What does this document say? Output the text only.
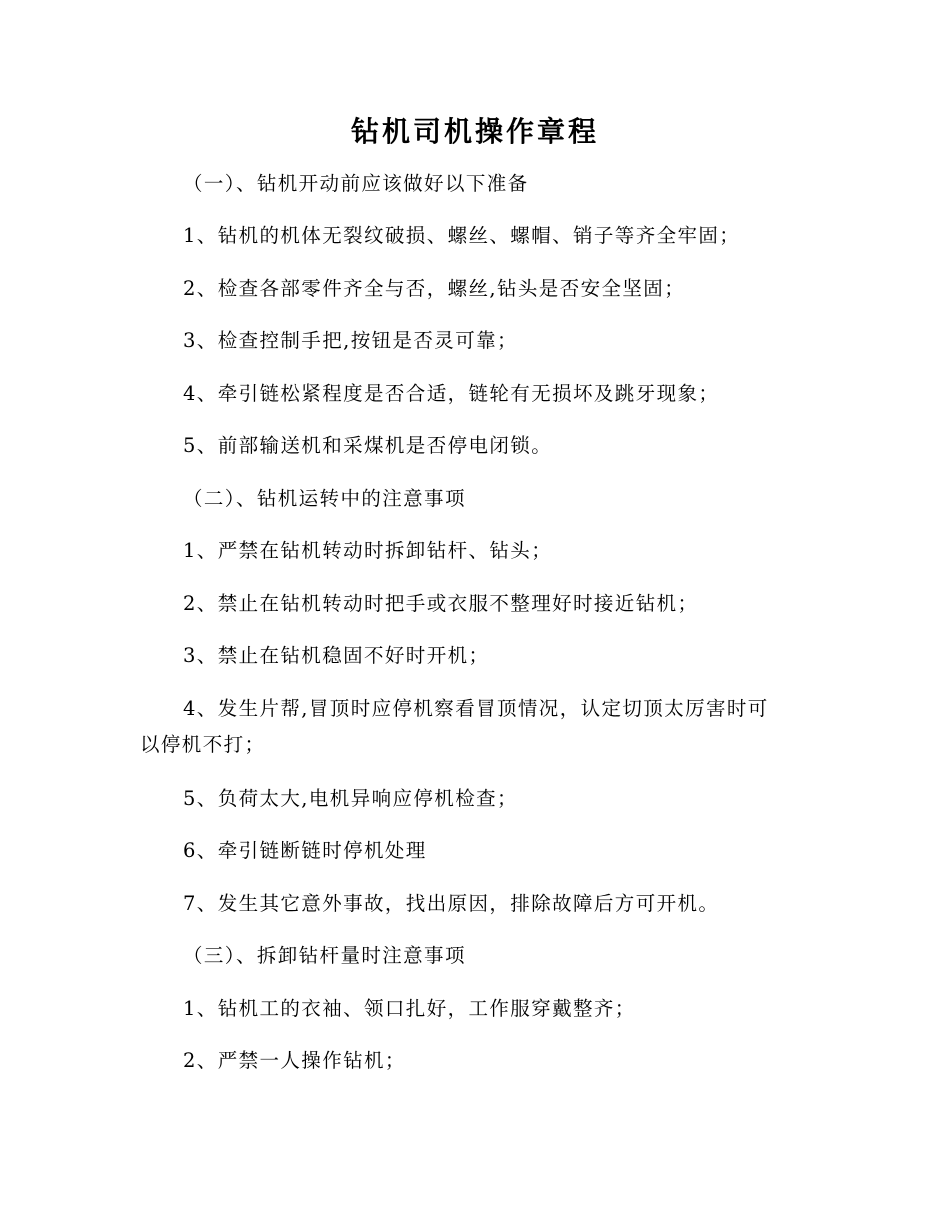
钻机司机操作章程
（一）、钻机开动前应该做好以下准备
1、钻机的机体无裂纹破损、螺丝、螺帽、销子等齐全牢固；
2、检查各部零件齐全与否，螺丝,钻头是否安全坚固；
3、检查控制手把,按钮是否灵可靠；
4、牵引链松紧程度是否合适，链轮有无损坏及跳牙现象；
5、前部输送机和采煤机是否停电闭锁。
（二）、钻机运转中的注意事项
1、严禁在钻机转动时拆卸钻杆、钻头；
2、禁止在钻机转动时把手或衣服不整理好时接近钻机；
3、禁止在钻机稳固不好时开机；
4、发生片帮,冒顶时应停机察看冒顶情况，认定切顶太厉害时可
以停机不打；
5、负荷太大,电机异响应停机检查；
6、牵引链断链时停机处理
7、发生其它意外事故，找出原因，排除故障后方可开机。
（三）、拆卸钻杆量时注意事项
1、钻机工的衣袖、领口扎好，工作服穿戴整齐；
2、严禁一人操作钻机；
